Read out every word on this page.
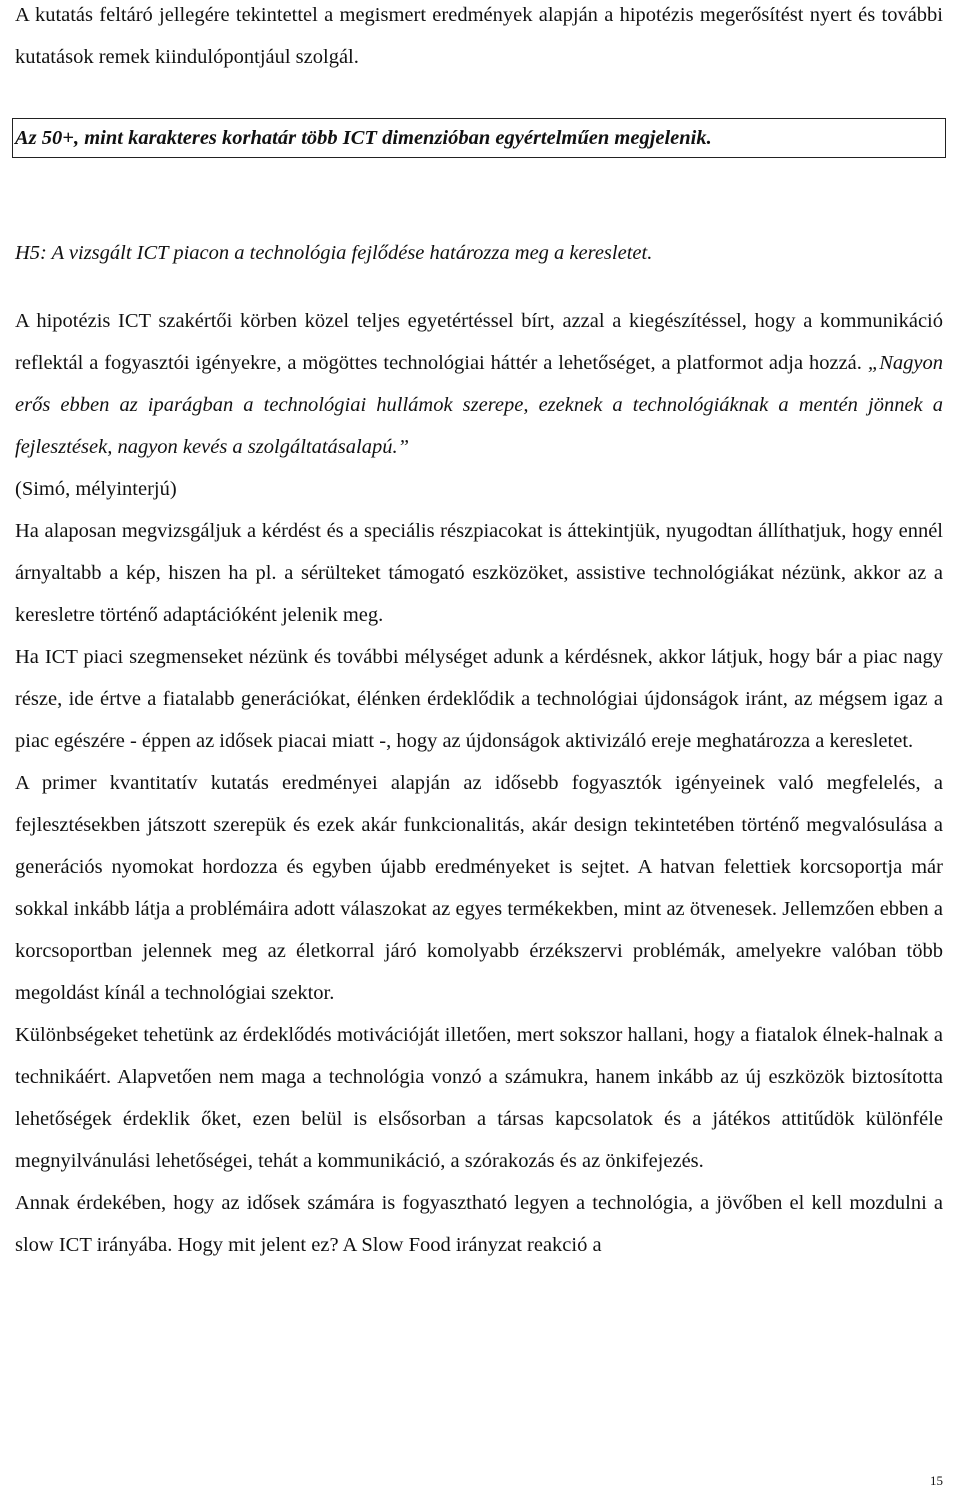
A kutatás feltáró jellegére tekintettel a megismert eredmények alapján a hipotézis megerősítést nyert és további kutatások remek kiindulópontjául szolgál.

Az 50+, mint karakteres korhatár több ICT dimenzióban egyértelműen megjelenik.

H5: A vizsgált ICT piacon a technológia fejlődése határozza meg a keresletet.

A hipotézis ICT szakértői körben közel teljes egyetértéssel bírt, azzal a kiegészítéssel, hogy a kommunikáció reflektál a fogyasztói igényekre, a mögöttes technológiai háttér a lehetőséget, a platformot adja hozzá. „Nagyon erős ebben az iparágban a technológiai hullámok szerepe, ezeknek a technológiáknak a mentén jönnek a fejlesztések, nagyon kevés a szolgáltatásalapú.”
(Simó, mélyinterjú)

Ha alaposan megvizsgáljuk a kérdést és a speciális részpiacokat is áttekintjük, nyugodtan állíthatjuk, hogy ennél árnyaltabb a kép, hiszen ha pl. a sérülteket támogató eszközöket, assistive technológiákat nézünk, akkor az a keresletre történő adaptációként jelenik meg.

Ha ICT piaci szegmenseket nézünk és további mélységet adunk a kérdésnek, akkor látjuk, hogy bár a piac nagy része, ide értve a fiatalabb generációkat, élénken érdeklődik a technológiai újdonságok iránt, az mégsem igaz a piac egészére - éppen az idősek piacai miatt -, hogy az újdonságok aktivizáló ereje meghatározza a keresletet.

A primer kvantitatív kutatás eredményei alapján az idősebb fogyasztók igényeinek való megfelelés, a fejlesztésekben játszott szerepük és ezek akár funkcionalitás, akár design tekintetében történő megvalósulása a generációs nyomokat hordozza és egyben újabb eredményeket is sejtet. A hatvan felettiek korcsoportja már sokkal inkább látja a problémáira adott válaszokat az egyes termékekben, mint az ötvenesek. Jellemzően ebben a korcsoportban jelennek meg az életkorral járó komolyabb érzékszervi problémák, amelyekre valóban több megoldást kínál a technológiai szektor.

Különbségeket tehetünk az érdeklődés motivációját illetően, mert sokszor hallani, hogy a fiatalok élnek-halnak a technikáért. Alapvetően nem maga a technológia vonzó a számukra, hanem inkább az új eszközök biztosította lehetőségek érdeklik őket, ezen belül is elsősorban a társas kapcsolatok és a játékos attitűdök különféle megnyilvánulási lehetőségei, tehát a kommunikáció, a szórakozás és az önkifejezés.

Annak érdekében, hogy az idősek számára is fogyasztható legyen a technológia, a jövőben el kell mozdulni a slow ICT irányába. Hogy mit jelent ez? A Slow Food irányzat reakció a

15
